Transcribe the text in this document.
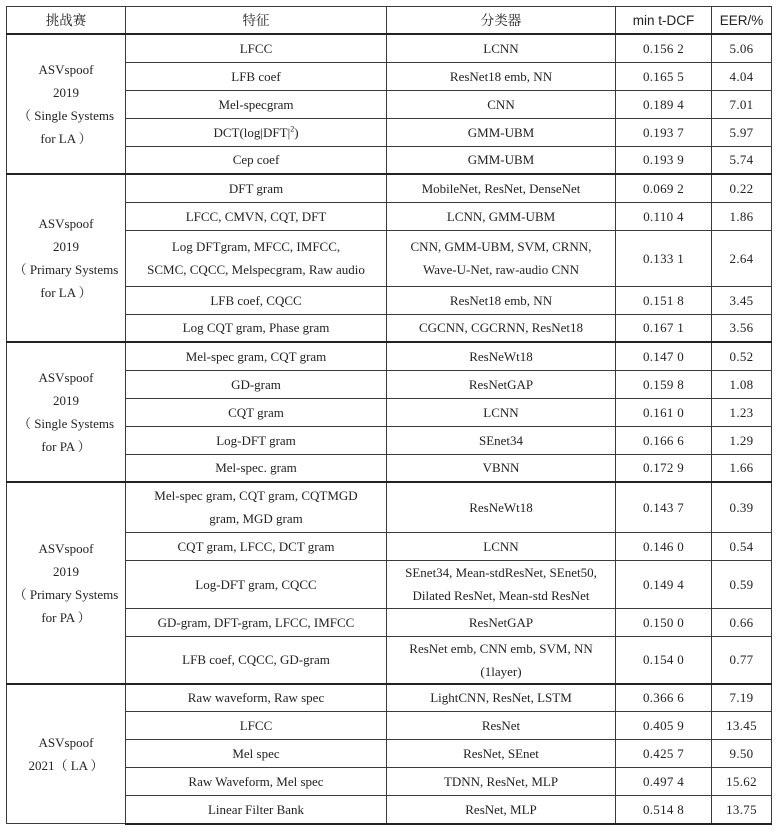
挑战赛	特征	分类器	min t-DCF	EER/%
ASVspoof
2019
（ Single Systems
for LA ）	LFCC	LCNN	0.156 2	5.06
	LFB coef	ResNet18 emb, NN	0.165 5	4.04
	Mel-specgram	CNN	0.189 4	7.01
	$DCT(\log|DFT|^2)$	GMM-UBM	0.193 7	5.97
	Cep coef	GMM-UBM	0.193 9	5.74
ASVspoof
2019
（ Primary Systems
for LA ）	DFT gram	MobileNet, ResNet, DenseNet	0.069 2	0.22
	LFCC, CMVN, CQT, DFT	LCNN, GMM-UBM	0.110 4	1.86
	Log DFTgram, MFCC, IMFCC,
SCMC, CQCC, Melspecgram, Raw audio	CNN, GMM-UBM, SVM, CRNN,
Wave-U-Net, raw-audio CNN	0.133 1	2.64
	LFB coef, CQCC	ResNet18 emb, NN	0.151 8	3.45
	Log CQT gram, Phase gram	CGCNN, CGCRNN, ResNet18	0.167 1	3.56
ASVspoof
2019
（ Single Systems
for PA ）	Mel-spec gram, CQT gram	ResNeWt18	0.147 0	0.52
	GD-gram	ResNetGAP	0.159 8	1.08
	CQT gram	LCNN	0.161 0	1.23
	Log-DFT gram	SEnet34	0.166 6	1.29
	Mel-spec. gram	VBNN	0.172 9	1.66
ASVspoof
2019
（ Primary Systems
for PA ）	Mel-spec gram, CQT gram, CQTMGD
gram, MGD gram	ResNeWt18	0.143 7	0.39
	CQT gram, LFCC, DCT gram	LCNN	0.146 0	0.54
	Log-DFT gram, CQCC	SEnet34, Mean-stdResNet, SEnet50,
Dilated ResNet, Mean-std ResNet	0.149 4	0.59
	GD-gram, DFT-gram, LFCC, IMFCC	ResNetGAP	0.150 0	0.66
	LFB coef, CQCC, GD-gram	ResNet emb, CNN emb, SVM, NN
(1layer)	0.154 0	0.77
ASVspoof
2021（ LA ）	Raw waveform, Raw spec	LightCNN, ResNet, LSTM	0.366 6	7.19
	LFCC	ResNet	0.405 9	13.45
	Mel spec	ResNet, SEnet	0.425 7	9.50
	Raw Waveform, Mel spec	TDNN, ResNet, MLP	0.497 4	15.62
	Linear Filter Bank	ResNet, MLP	0.514 8	13.75
